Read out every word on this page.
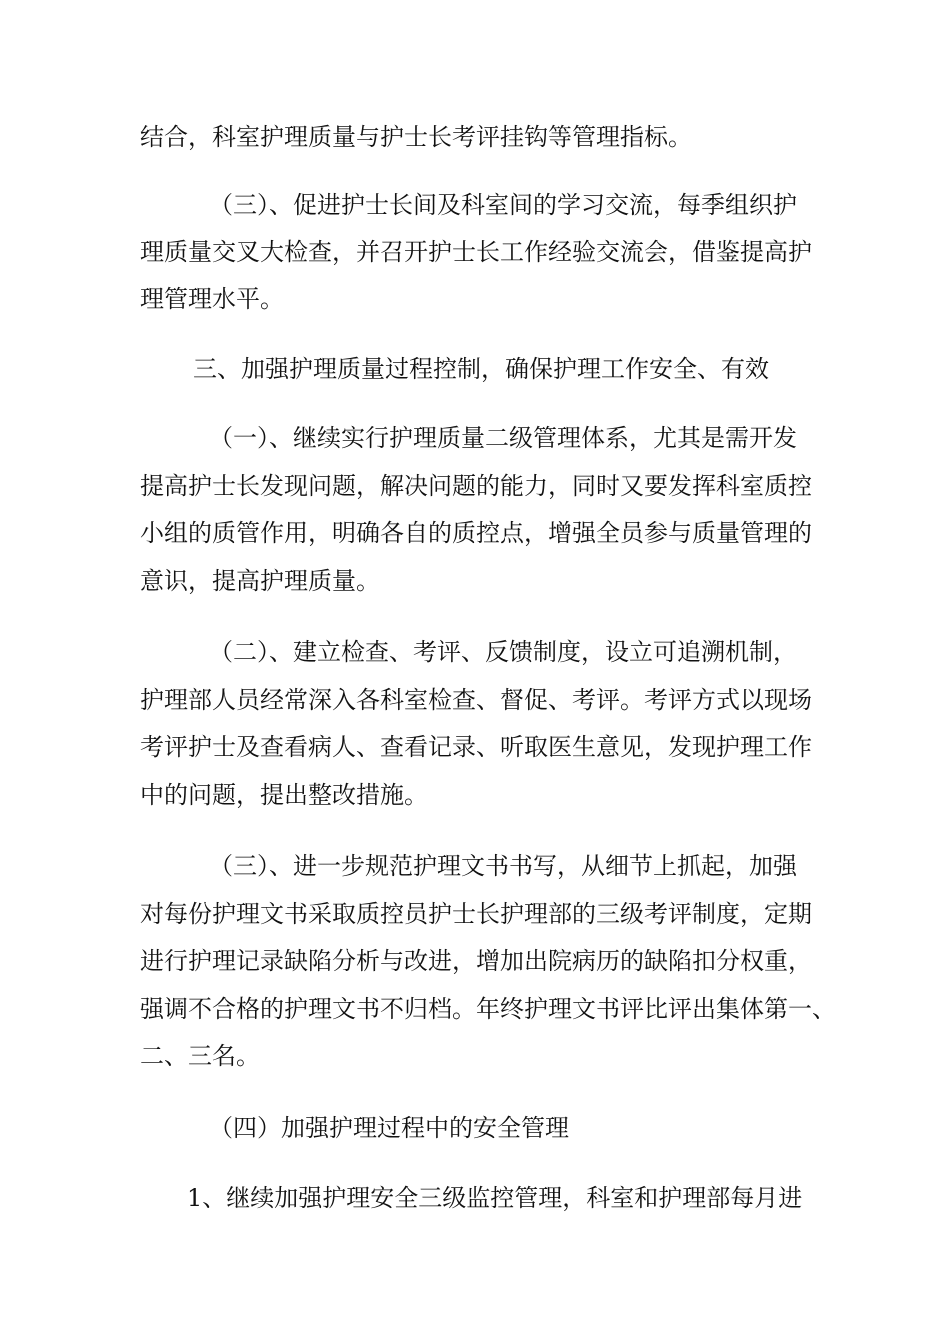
结合，科室护理质量与护士长考评挂钩等管理指标。
（三）、促进护士长间及科室间的学习交流，每季组织护
理质量交叉大检查，并召开护士长工作经验交流会，借鉴提高护
理管理水平。
三、加强护理质量过程控制，确保护理工作安全、有效
（一）、继续实行护理质量二级管理体系，尤其是需开发
提高护士长发现问题，解决问题的能力，同时又要发挥科室质控
小组的质管作用，明确各自的质控点，增强全员参与质量管理的
意识，提高护理质量。
（二）、建立检查、考评、反馈制度，设立可追溯机制，
护理部人员经常深入各科室检查、督促、考评。考评方式以现场
考评护士及查看病人、查看记录、听取医生意见，发现护理工作
中的问题，提出整改措施。
（三）、进一步规范护理文书书写，从细节上抓起，加强
对每份护理文书采取质控员护士长护理部的三级考评制度，定期
进行护理记录缺陷分析与改进，增加出院病历的缺陷扣分权重，
强调不合格的护理文书不归档。年终护理文书评比评出集体第一、
二、三名。
（四）加强护理过程中的安全管理
1、继续加强护理安全三级监控管理，科室和护理部每月进
